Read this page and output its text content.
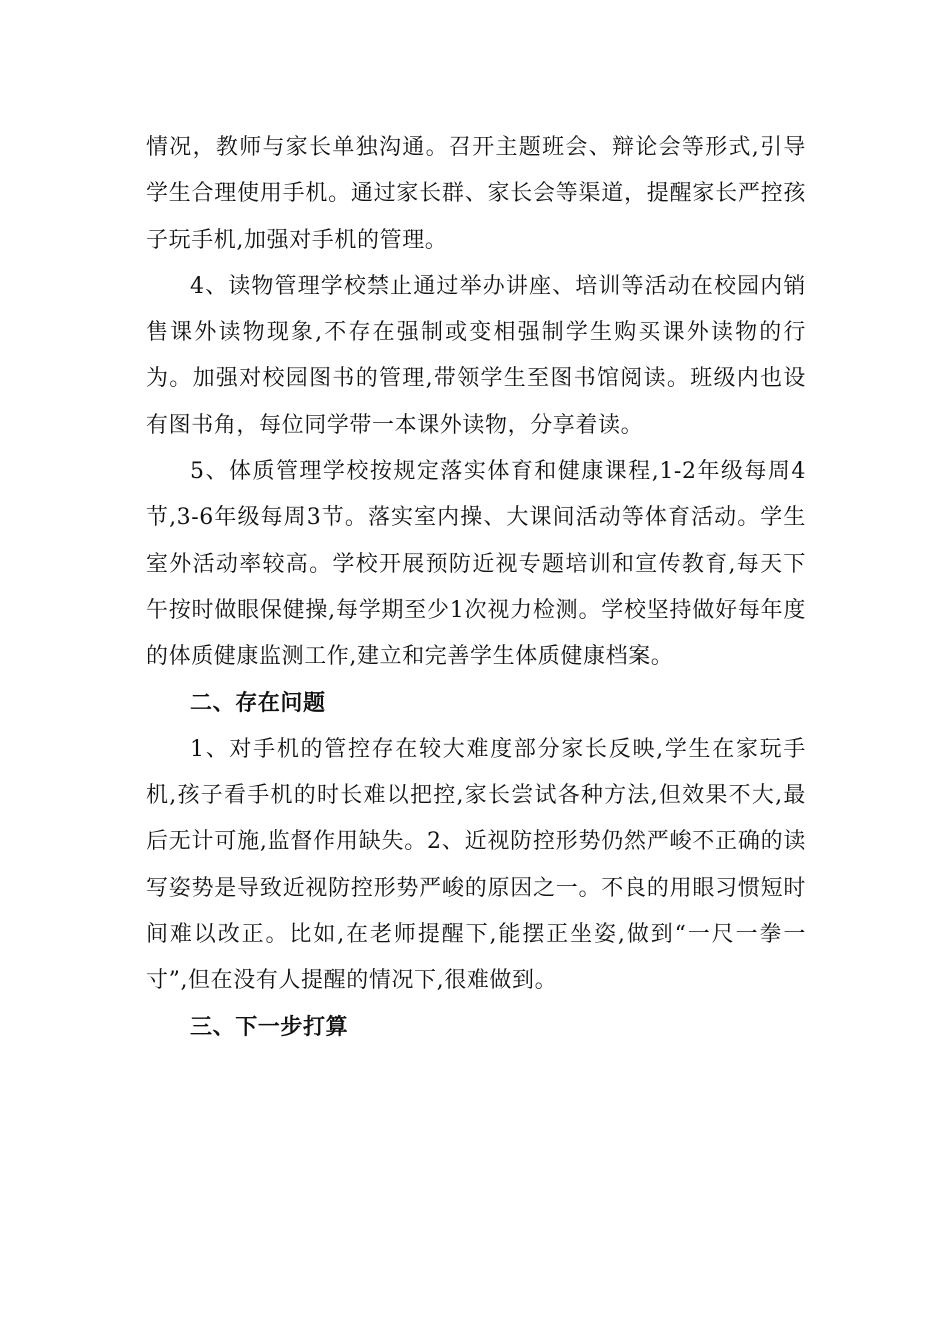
情况，教师与家长单独沟通。召开主题班会、辩论会等形式,引导学生合理使用手机。通过家长群、家长会等渠道，提醒家长严控孩子玩手机,加强对手机的管理。

4、读物管理学校禁止通过举办讲座、培训等活动在校园内销售课外读物现象,不存在强制或变相强制学生购买课外读物的行为。加强对校园图书的管理,带领学生至图书馆阅读。班级内也设有图书角，每位同学带一本课外读物，分享着读。

5、体质管理学校按规定落实体育和健康课程,1-2年级每周4节,3-6年级每周3节。落实室内操、大课间活动等体育活动。学生室外活动率较高。学校开展预防近视专题培训和宣传教育,每天下午按时做眼保健操,每学期至少1次视力检测。学校坚持做好每年度的体质健康监测工作,建立和完善学生体质健康档案。

二、存在问题

1、对手机的管控存在较大难度部分家长反映,学生在家玩手机,孩子看手机的时长难以把控,家长尝试各种方法,但效果不大,最后无计可施,监督作用缺失。2、近视防控形势仍然严峻不正确的读写姿势是导致近视防控形势严峻的原因之一。不良的用眼习惯短时间难以改正。比如,在老师提醒下,能摆正坐姿,做到“一尺一拳一寸”,但在没有人提醒的情况下,很难做到。

三、下一步打算
